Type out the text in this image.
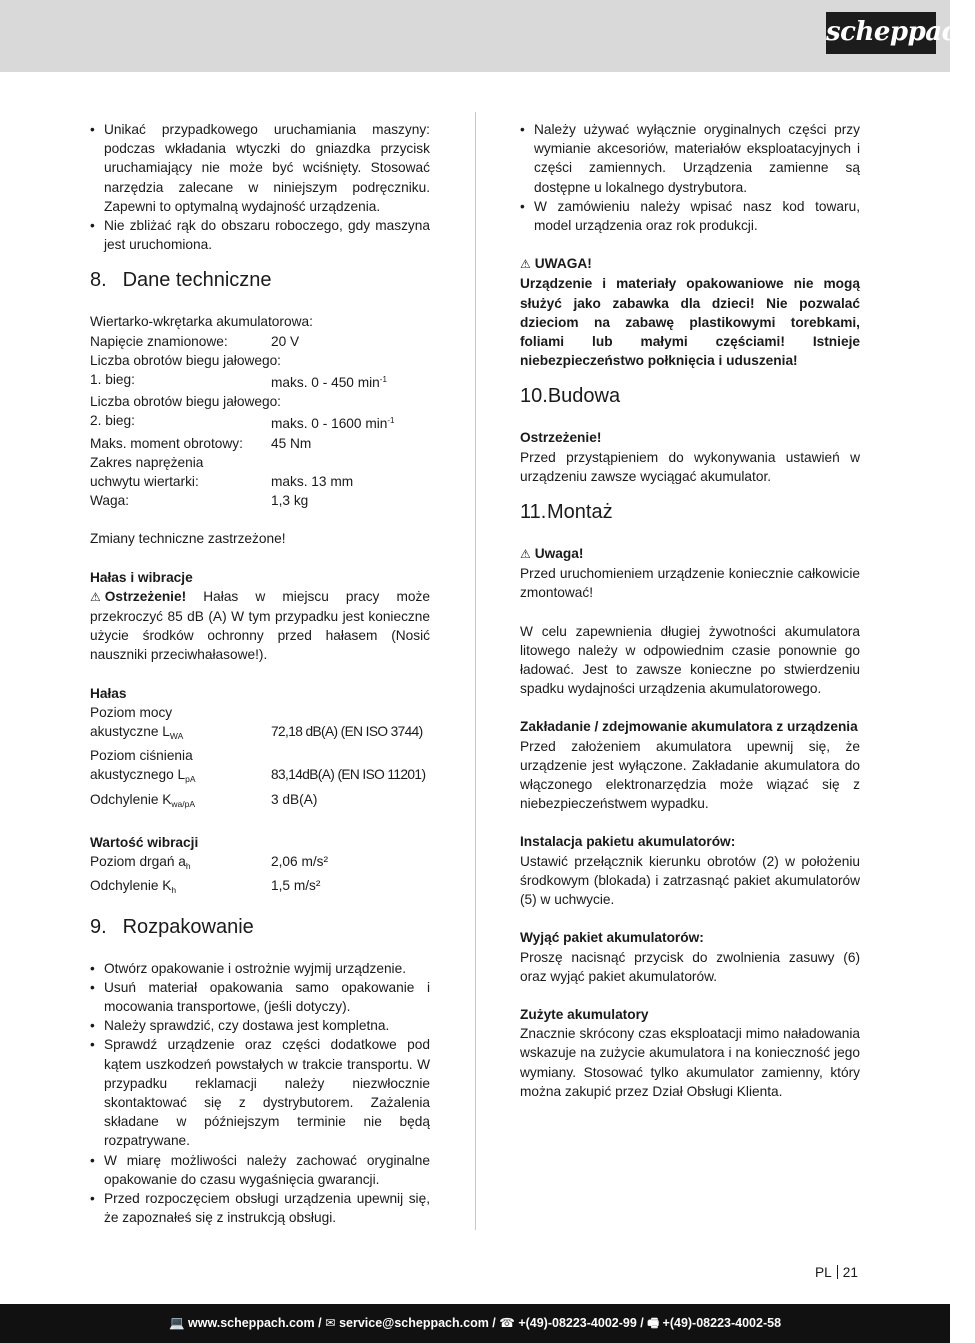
scheppach
• Unikać przypadkowego uruchamiania maszyny: podczas wkładania wtyczki do gniazdka przycisk uruchamiający nie może być wciśnięty. Stosować narzędzia zalecane w niniejszym podręczniku. Zapewni to optymalną wydajność urządzenia.
• Nie zbliżać rąk do obszaru roboczego, gdy maszyna jest uruchomiona.
8. Dane techniczne

Wiertarko-wkrętarka akumulatorowa:

Napięcie znamionowe:	20 V
Liczba obrotów biegu jałowego:	
1. bieg:	maks. 0 - 450 $\min^{-1}$
Liczba obrotów biegu jałowego:	
2. bieg:	maks. 0 - 1600 $\min^{-1}$
Maks. moment obrotowy:	45 Nm
Zakres naprężenia	
uchwytu wiertarki:	maks. 13 mm
Waga:	1,3 kg

Zmiany techniczne zastrzeżone!

Hałas i wibracje

⚠ Ostrzeżenie! Hałas w miejscu pracy może przekroczyć 85 dB (A) W tym przypadku jest konieczne użycie środków ochronny przed hałasem (Nosić nauszniki przeciwhałasowe!).

Hałas

Poziom mocy	
akustyczne $L_{WA}$	72,18 dB(A) (EN ISO 3744)
Poziom ciśnienia	
akustycznego $L_{pA}$	83,14dB(A) (EN ISO 11201)
Odchylenie $K_{wa/pA}$	3 dB(A)

Wartość wibracji

Poziom drgań $a_h$	2,06 m/s²
Odchylenie $K_h$	1,5 m/s²
9. Rozpakowanie
• Otwórz opakowanie i ostrożnie wyjmij urządzenie.
• Usuń materiał opakowania samo opakowanie i mocowania transportowe, (jeśli dotyczy).
• Należy sprawdzić, czy dostawa jest kompletna.
• Sprawdź urządzenie oraz części dodatkowe pod kątem uszkodzeń powstałych w trakcie transportu. W przypadku reklamacji należy niezwłocznie skontaktować się z dystrybutorem. Zażalenia składane w późniejszym terminie nie będą rozpatrywane.
• W miarę możliwości należy zachować oryginalne opakowanie do czasu wygaśnięcia gwarancji.
• Przed rozpoczęciem obsługi urządzenia upewnij się, że zapoznałeś się z instrukcją obsługi.
• Należy używać wyłącznie oryginalnych części przy wymianie akcesoriów, materiałów eksploatacyjnych i części zamiennych. Urządzenia zamienne są dostępne u lokalnego dystrybutora.
• W zamówieniu należy wpisać nasz kod towaru, model urządzenia oraz rok produkcji.

⚠ UWAGA!

Urządzenie i materiały opakowaniowe nie mogą służyć jako zabawka dla dzieci! Nie pozwalać dzieciom na zabawę plastikowymi torebkami, foliami lub małymi częściami! Istnieje niebezpieczeństwo połknięcia i uduszenia!

10.Budowa

Ostrzeżenie!

Przed przystąpieniem do wykonywania ustawień w urządzeniu zawsze wyciągać akumulator.

11.Montaż

⚠ Uwaga!

Przed uruchomieniem urządzenie koniecznie całkowicie zmontować!

W celu zapewnienia długiej żywotności akumulatora litowego należy w odpowiednim czasie ponownie go ładować. Jest to zawsze konieczne po stwierdzeniu spadku wydajności urządzenia akumulatorowego.

Zakładanie / zdejmowanie akumulatora z urządzenia

Przed założeniem akumulatora upewnij się, że urządzenie jest wyłączone. Zakładanie akumulatora do włączonego elektronarzędzia może wiązać się z niebezpieczeństwem wypadku.

Instalacja pakietu akumulatorów:

Ustawić przełącznik kierunku obrotów (2) w położeniu środkowym (blokada) i zatrzasnąć pakiet akumulatorów (5) w uchwycie.

Wyjąć pakiet akumulatorów:

Proszę nacisnąć przycisk do zwolnienia zasuwy (6) oraz wyjąć pakiet akumulatorów.

Zużyte akumulatory

Znacznie skrócony czas eksploatacji mimo naładowania wskazuje na zużycie akumulatora i na konieczność jego wymiany. Stosować tylko akumulator zamienny, który można zakupić przez Dział Obsługi Klienta.

PL 21
💻 www.scheppach.com / ✉ service@scheppach.com / ☎ +(49)-08223-4002-99 / 🖷 +(49)-08223-4002-58
